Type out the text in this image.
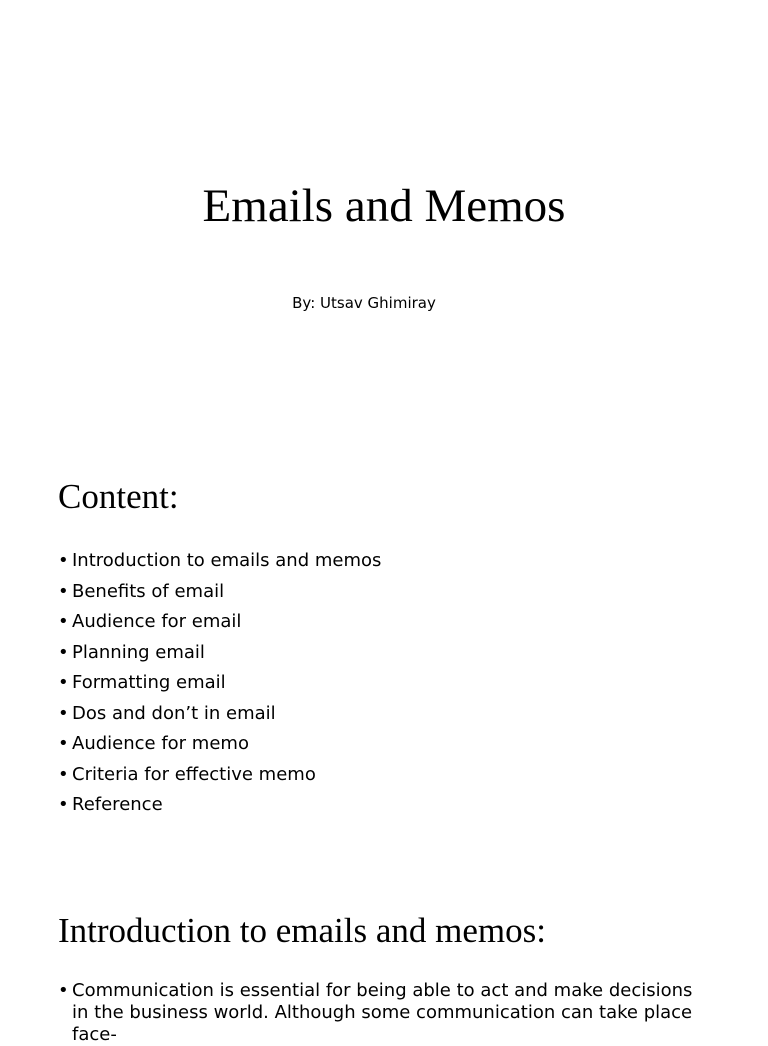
Emails and Memos

By: Utsav Ghimiray

Content:
• Introduction to emails and memos
• Benefits of email
• Audience for email
• Planning email
• Formatting email
• Dos and don’t in email
• Audience for memo
• Criteria for effective memo
• Reference
Introduction to emails and memos:
• Communication is essential for being able to act and make decisions in the business world. Although some communication can take place face-
